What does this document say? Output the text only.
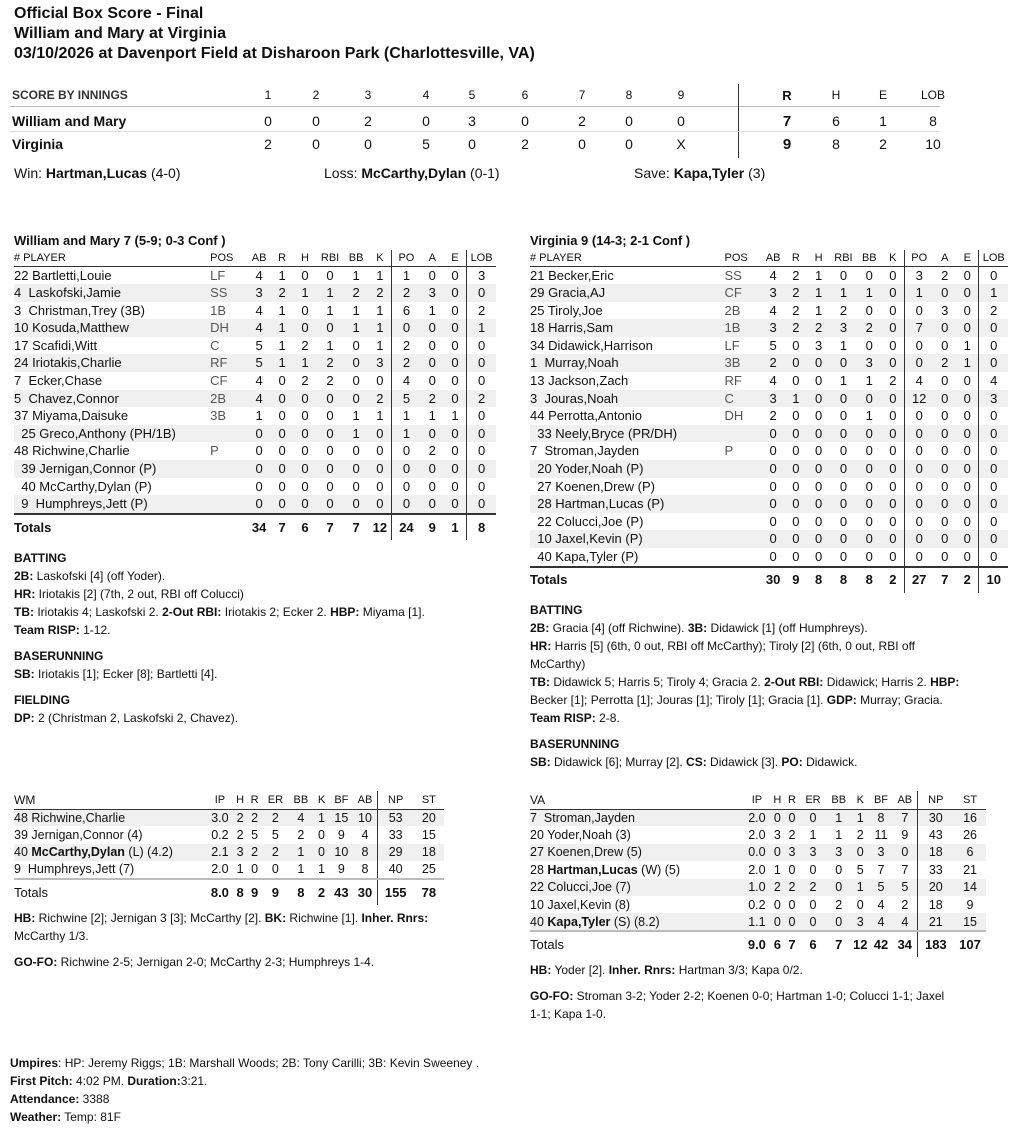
Official Box Score - Final
William and Mary at Virginia
03/10/2026 at Davenport Field at Disharoon Park (Charlottesville, VA)
SCORE BY INNINGS	1	2	3	4	5	6	7	8	9	R	H	E	LOB
William and Mary	0	0	2	0	3	0	2	0	0	7	6	1	8
Virginia	2	0	0	5	0	2	0	0	X	9	8	2	10
Win: Hartman,Lucas (4-0)	Loss: McCarthy,Dylan (0-1)	Save: Kapa,Tyler (3)
William and Mary 7 (5-9; 0-3 Conf )
# PLAYER	POS	AB	R	H	RBI	BB	K	PO	A	E	LOB
22 Bartletti,Louie	LF	4	1	0	0	1	1	1	0	0	3
4  Laskofski,Jamie	SS	3	2	1	1	2	2	2	3	0	0
3  Christman,Trey (3B)	1B	4	1	0	1	1	1	6	1	0	2
10 Kosuda,Matthew	DH	4	1	0	0	1	1	0	0	0	1
17 Scafidi,Witt	C	5	1	2	1	0	1	2	0	0	0
24 Iriotakis,Charlie	RF	5	1	1	2	0	3	2	0	0	0
7  Ecker,Chase	CF	4	0	2	2	0	0	4	0	0	0
5  Chavez,Connor	2B	4	0	0	0	0	2	5	2	0	2
37 Miyama,Daisuke	3B	1	0	0	0	1	1	1	1	1	0
25 Greco,Anthony (PH/1B)		0	0	0	0	1	0	1	0	0	0
48 Richwine,Charlie	P	0	0	0	0	0	0	0	2	0	0
39 Jernigan,Connor (P)		0	0	0	0	0	0	0	0	0	0
40 McCarthy,Dylan (P)		0	0	0	0	0	0	0	0	0	0
9  Humphreys,Jett (P)		0	0	0	0	0	0	0	0	0	0
Totals		34	7	6	7	7	12	24	9	1	8
Virginia 9 (14-3; 2-1 Conf )
# PLAYER	POS	AB	R	H	RBI	BB	K	PO	A	E	LOB
21 Becker,Eric	SS	4	2	1	0	0	0	3	2	0	0
29 Gracia,AJ	CF	3	2	1	1	1	0	1	0	0	1
25 Tiroly,Joe	2B	4	2	1	2	0	0	0	3	0	2
18 Harris,Sam	1B	3	2	2	3	2	0	7	0	0	0
34 Didawick,Harrison	LF	5	0	3	1	0	0	0	0	1	0
1  Murray,Noah	3B	2	0	0	0	3	0	0	2	1	0
13 Jackson,Zach	RF	4	0	0	1	1	2	4	0	0	4
3  Jouras,Noah	C	3	1	0	0	0	0	12	0	0	3
44 Perrotta,Antonio	DH	2	0	0	0	1	0	0	0	0	0
33 Neely,Bryce (PR/DH)		0	0	0	0	0	0	0	0	0	0
7  Stroman,Jayden	P	0	0	0	0	0	0	0	0	0	0
20 Yoder,Noah (P)		0	0	0	0	0	0	0	0	0	0
27 Koenen,Drew (P)		0	0	0	0	0	0	0	0	0	0
28 Hartman,Lucas (P)		0	0	0	0	0	0	0	0	0	0
22 Colucci,Joe (P)		0	0	0	0	0	0	0	0	0	0
10 Jaxel,Kevin (P)		0	0	0	0	0	0	0	0	0	0
40 Kapa,Tyler (P)		0	0	0	0	0	0	0	0	0	0
Totals		30	9	8	8	8	2	27	7	2	10
BATTING
2B: Laskofski [4] (off Yoder).
HR: Iriotakis [2] (7th, 2 out, RBI off Colucci)
TB: Iriotakis 4; Laskofski 2. 2-Out RBI: Iriotakis 2; Ecker 2. HBP: Miyama [1].
Team RISP: 1-12.
BASERUNNING
SB: Iriotakis [1]; Ecker [8]; Bartletti [4].
FIELDING
DP: 2 (Christman 2, Laskofski 2, Chavez).
BATTING
2B: Gracia [4] (off Richwine). 3B: Didawick [1] (off Humphreys).
HR: Harris [5] (6th, 0 out, RBI off McCarthy); Tiroly [2] (6th, 0 out, RBI off
McCarthy)
TB: Didawick 5; Harris 5; Tiroly 4; Gracia 2. 2-Out RBI: Didawick; Harris 2. HBP:
Becker [1]; Perrotta [1]; Jouras [1]; Tiroly [1]; Gracia [1]. GDP: Murray; Gracia.
Team RISP: 2-8.
BASERUNNING
SB: Didawick [6]; Murray [2]. CS: Didawick [3]. PO: Didawick.
WM	IP	H	R	ER	BB	K	BF	AB	NP	ST
48 Richwine,Charlie	3.0	2	2	2	4	1	15	10	53	20
39 Jernigan,Connor (4)	0.2	2	5	5	2	0	9	4	33	15
40 McCarthy,Dylan (L) (4.2)	2.1	3	2	2	1	0	10	8	29	18
9  Humphreys,Jett (7)	2.0	1	0	0	1	1	9	8	40	25
Totals	8.0	8	9	9	8	2	43	30	155	78
HB: Richwine [2]; Jernigan 3 [3]; McCarthy [2]. BK: Richwine [1]. Inher. Rnrs:
McCarthy 1/3.
GO-FO: Richwine 2-5; Jernigan 2-0; McCarthy 2-3; Humphreys 1-4.
VA	IP	H	R	ER	BB	K	BF	AB	NP	ST
7  Stroman,Jayden	2.0	0	0	0	1	1	8	7	30	16
20 Yoder,Noah (3)	2.0	3	2	1	1	2	11	9	43	26
27 Koenen,Drew (5)	0.0	0	3	3	3	0	3	0	18	6
28 Hartman,Lucas (W) (5)	2.0	1	0	0	0	5	7	7	33	21
22 Colucci,Joe (7)	1.0	2	2	2	0	1	5	5	20	14
10 Jaxel,Kevin (8)	0.2	0	0	0	2	0	4	2	18	9
40 Kapa,Tyler (S) (8.2)	1.1	0	0	0	0	3	4	4	21	15
Totals	9.0	6	7	6	7	12	42	34	183	107
HB: Yoder [2]. Inher. Rnrs: Hartman 3/3; Kapa 0/2.
GO-FO: Stroman 3-2; Yoder 2-2; Koenen 0-0; Hartman 1-0; Colucci 1-1; Jaxel
1-1; Kapa 1-0.
Umpires: HP: Jeremy Riggs; 1B: Marshall Woods; 2B: Tony Carilli; 3B: Kevin Sweeney .
First Pitch: 4:02 PM. Duration:3:21.
Attendance: 3388
Weather: Temp: 81F
